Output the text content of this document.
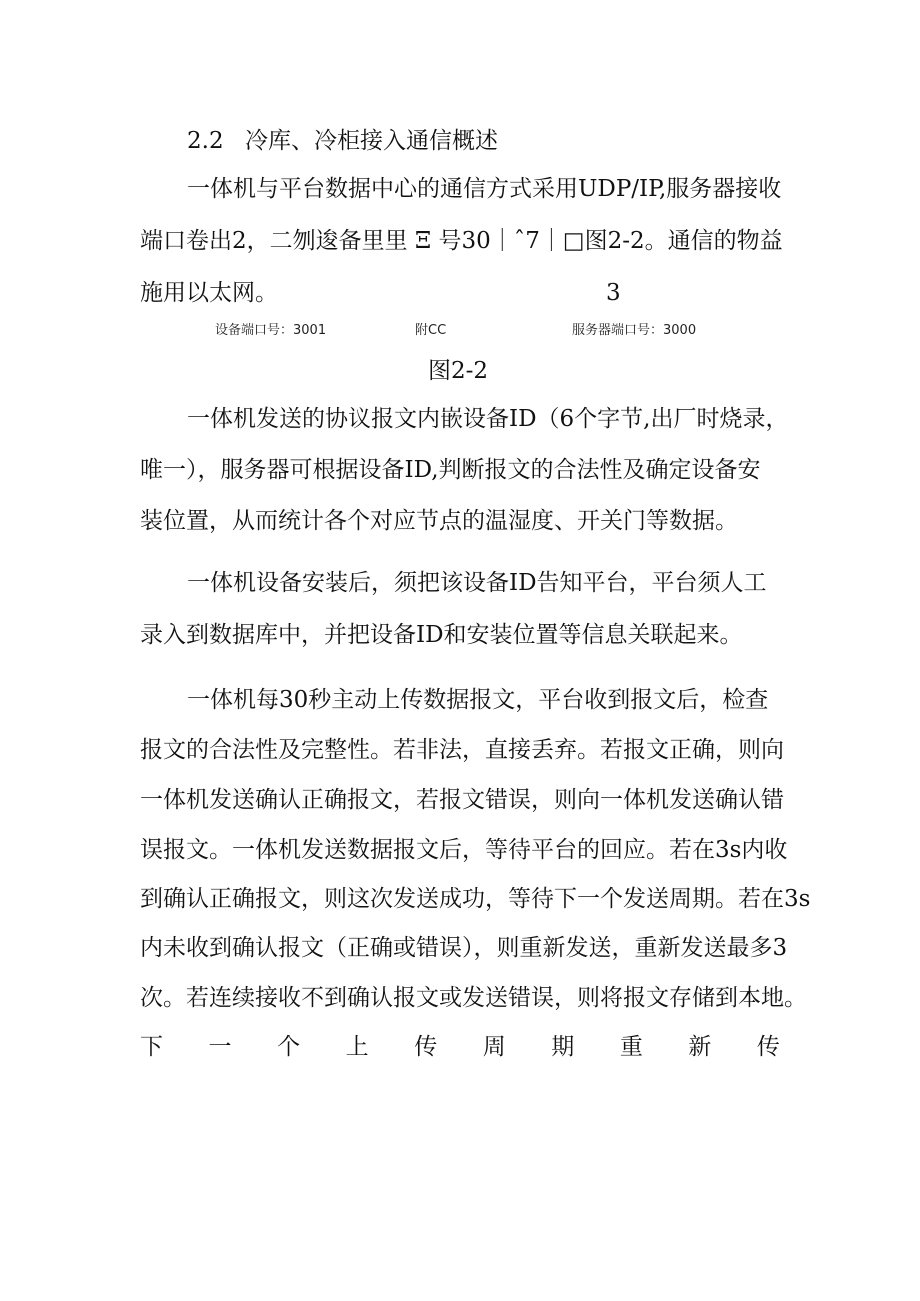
2.2 冷库、冷柜接入通信概述
一体机与平台数据中心的通信方式采用UDP/IP,服务器接收
端口卷出2，二刎逡备里里 Ξ 号30｜ˆ7｜□图2-2。通信的物益
施用以太网。	3
设备端口号：3001	附CC	服务器端口号：3000
图2-2
一体机发送的协议报文内嵌设备ID（6个字节,出厂时烧录，
唯一），服务器可根据设备ID,判断报文的合法性及确定设备安
装位置，从而统计各个对应节点的温湿度、开关门等数据。
一体机设备安装后，须把该设备ID告知平台，平台须人工
录入到数据库中，并把设备ID和安装位置等信息关联起来。
一体机每30秒主动上传数据报文，平台收到报文后，检查
报文的合法性及完整性。若非法，直接丢弃。若报文正确，则向
一体机发送确认正确报文，若报文错误，则向一体机发送确认错
误报文。一体机发送数据报文后，等待平台的回应。若在3s内收
到确认正确报文，则这次发送成功，等待下一个发送周期。若在3s
内未收到确认报文（正确或错误），则重新发送，重新发送最多3
次。若连续接收不到确认报文或发送错误，则将报文存储到本地。
下 一 个 上 传 周 期 重 新 传
